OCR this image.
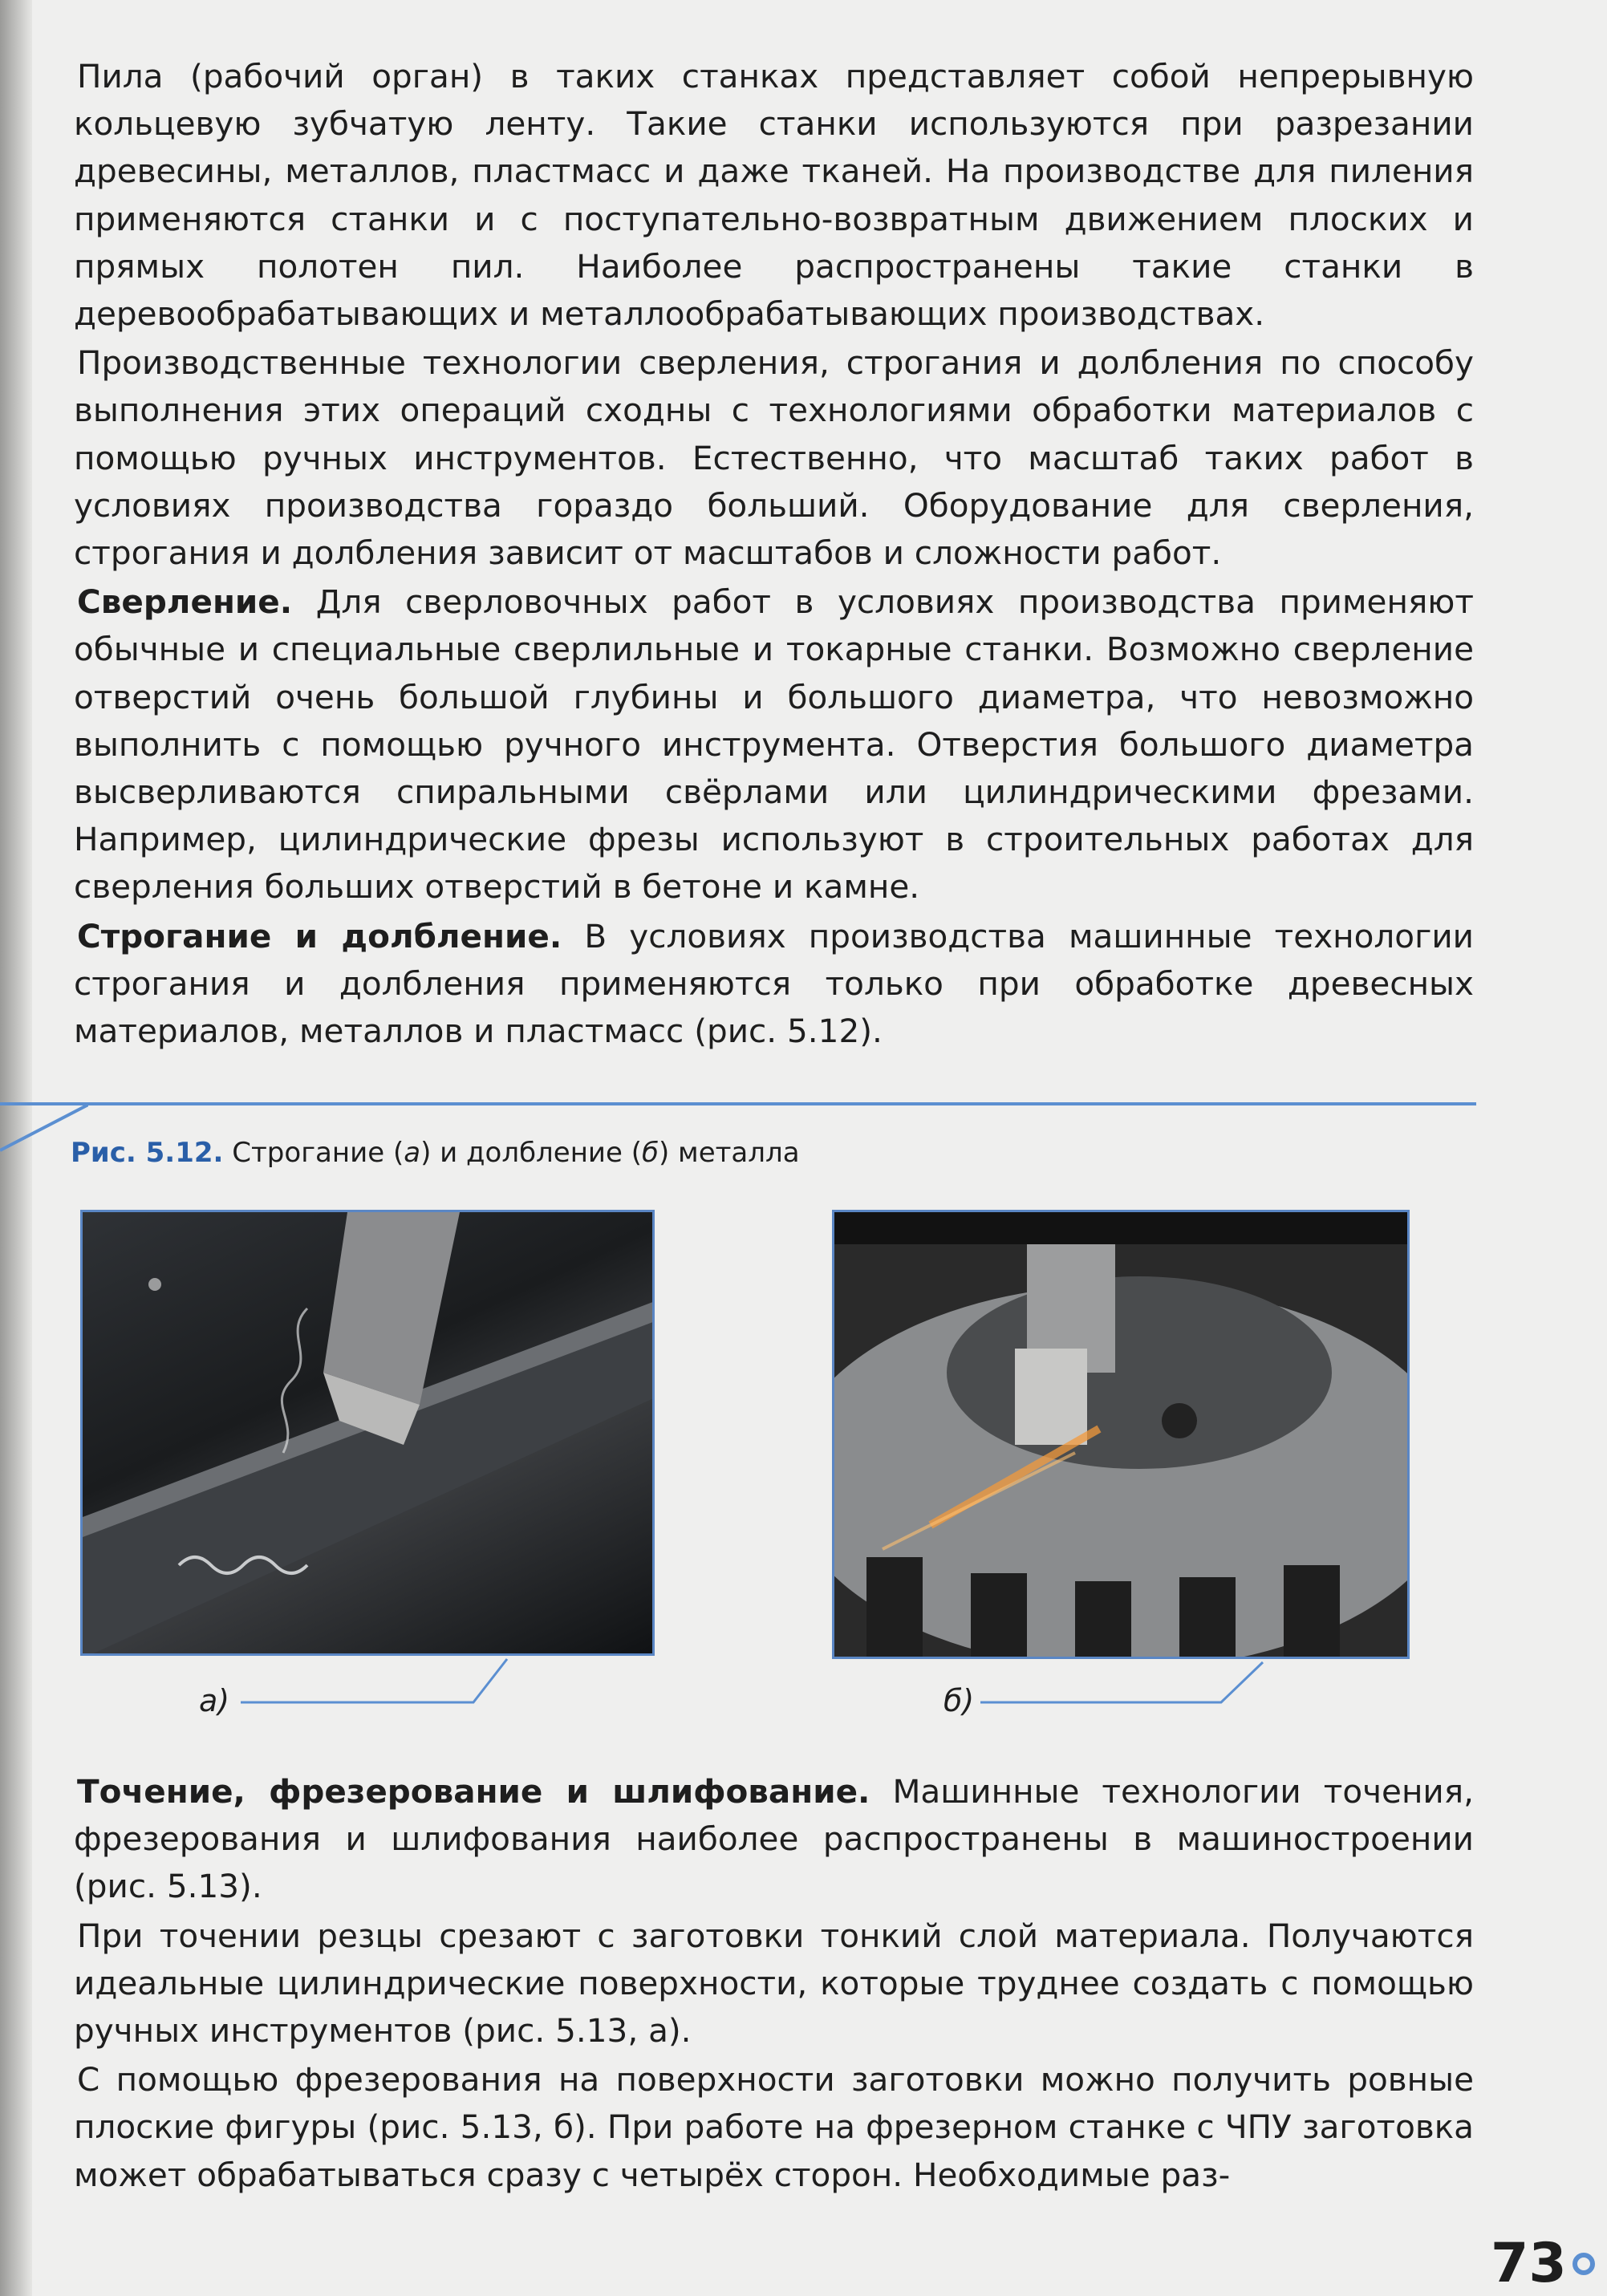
Пила (рабочий орган) в таких станках представляет собой непрерывную кольцевую зубчатую ленту. Такие станки используются при разрезании древесины, металлов, пластмасс и даже тканей. На производстве для пиления применяются станки и с поступательно-возвратным движением плоских и прямых полотен пил. Наиболее распространены такие станки в деревообрабатывающих и металлообрабатывающих производствах.

Производственные технологии сверления, строгания и долбления по способу выполнения этих операций сходны с технологиями обработки материалов с помощью ручных инструментов. Естественно, что масштаб таких работ в условиях производства гораздо больший. Оборудование для сверления, строгания и долбления зависит от масштабов и сложности работ.

Сверление. Для сверловочных работ в условиях производства применяют обычные и специальные сверлильные и токарные станки. Возможно сверление отверстий очень большой глубины и большого диаметра, что невозможно выполнить с помощью ручного инструмента. Отверстия большого диаметра высверливаются спиральными свёрлами или цилиндрическими фрезами. Например, цилиндрические фрезы используют в строительных работах для сверления больших отверстий в бетоне и камне.

Строгание и долбление. В условиях производства машинные технологии строгания и долбления применяются только при обработке древесных материалов, металлов и пластмасс (рис. 5.12).

Рис. 5.12. Строгание (а) и долбление (б) металла
а)	б)

Точение, фрезерование и шлифование. Машинные технологии точения, фрезерования и шлифования наиболее распространены в машиностроении (рис. 5.13).

При точении резцы срезают с заготовки тонкий слой материала. Получаются идеальные цилиндрические поверхности, которые труднее создать с помощью ручных инструментов (рис. 5.13, а).

С помощью фрезерования на поверхности заготовки можно получить ровные плоские фигуры (рис. 5.13, б). При работе на фрезерном станке с ЧПУ заготовка может обрабатываться сразу с четырёх сторон. Необходимые раз-

73
